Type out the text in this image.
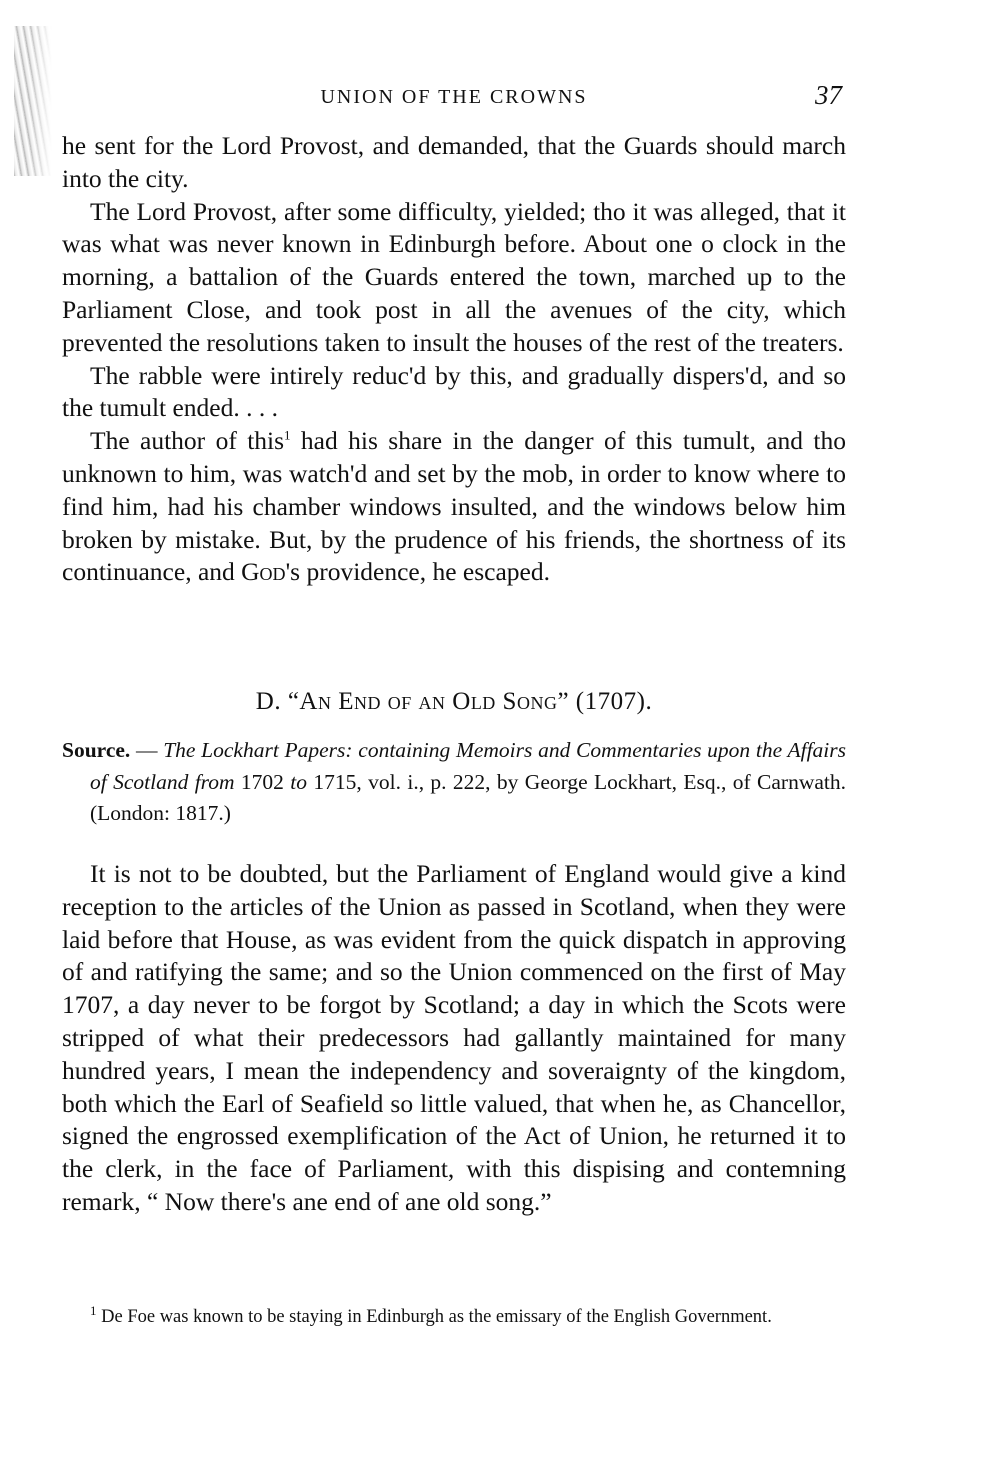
UNION OF THE CROWNS	37

he sent for the Lord Provost, and demanded, that the Guards should march into the city.

The Lord Provost, after some difficulty, yielded; tho it was alleged, that it was what was never known in Edinburgh before. About one o clock in the morning, a battalion of the Guards entered the town, marched up to the Parliament Close, and took post in all the avenues of the city, which prevented the resolutions taken to insult the houses of the rest of the treaters.

The rabble were intirely reduc'd by this, and gradually dispers'd, and so the tumult ended. . . .

The author of this$^1$ had his share in the danger of this tumult, and tho unknown to him, was watch'd and set by the mob, in order to know where to find him, had his chamber windows insulted, and the windows below him broken by mistake. But, by the prudence of his friends, the shortness of its continuance, and God's providence, he escaped.

D. “An End of an Old Song” (1707).

Source. — The Lockhart Papers: containing Memoirs and Commentaries upon the Affairs of Scotland from 1702 to 1715, vol. i., p. 222, by George Lockhart, Esq., of Carnwath. (London: 1817.)

It is not to be doubted, but the Parliament of England would give a kind reception to the articles of the Union as passed in Scotland, when they were laid before that House, as was evident from the quick dispatch in approving of and ratifying the same; and so the Union commenced on the first of May 1707, a day never to be forgot by Scotland; a day in which the Scots were stripped of what their predecessors had gallantly maintained for many hundred years, I mean the independency and soveraignty of the kingdom, both which the Earl of Seafield so little valued, that when he, as Chancellor, signed the engrossed exemplification of the Act of Union, he returned it to the clerk, in the face of Parliament, with this dispising and contemning remark, “ Now there's ane end of ane old song.”

$^1$ De Foe was known to be staying in Edinburgh as the emissary of the English Government.
